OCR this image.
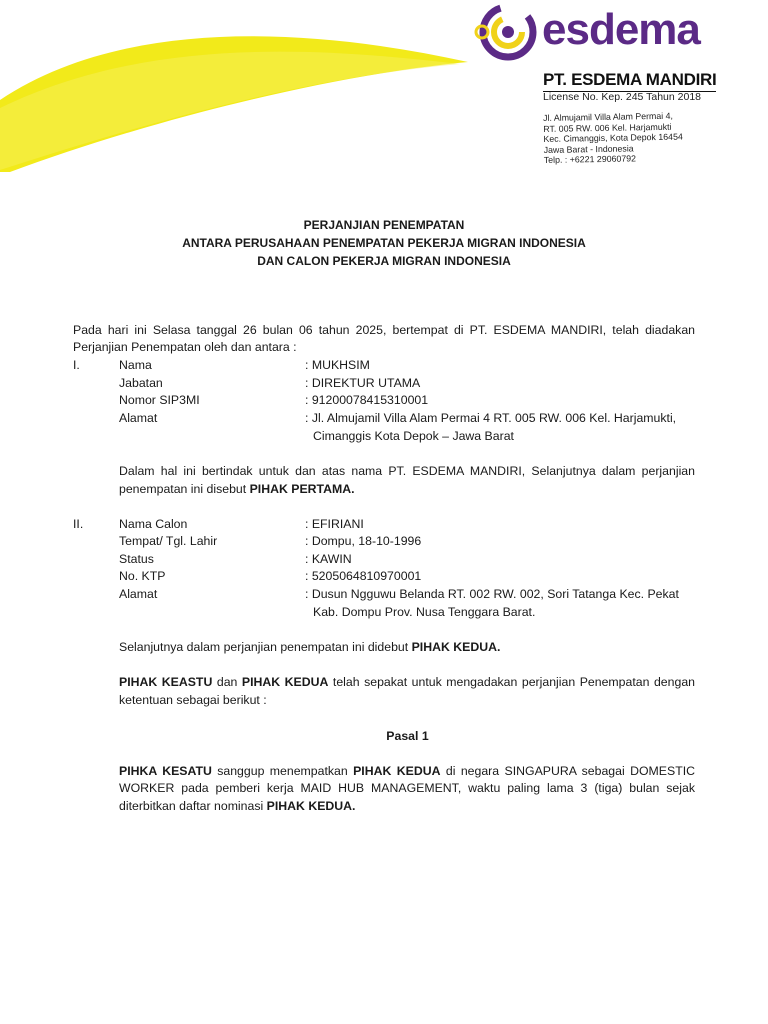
esdema
PT. ESDEMA MANDIRI
License No. Kep. 245 Tahun 2018
Jl. Almujamil Villa Alam Permai 4,
RT. 005 RW. 006 Kel. Harjamukti
Kec. Cimanggis, Kota Depok 16454
Jawa Barat - Indonesia
Telp. : +6221 29060792
PERJANJIAN PENEMPATAN
ANTARA PERUSAHAAN PENEMPATAN PEKERJA MIGRAN INDONESIA
DAN CALON PEKERJA MIGRAN INDONESIA
Pada hari ini Selasa tanggal 26 bulan 06 tahun 2025, bertempat di PT. ESDEMA MANDIRI, telah diadakan
Perjanjian Penempatan oleh dan antara :
I.	Nama	: MUKHSIM
Jabatan	: DIREKTUR UTAMA
Nomor SIP3MI	: 91200078415310001
Alamat	: Jl. Almujamil Villa Alam Permai 4 RT. 005 RW. 006 Kel. Harjamukti,
Cimanggis Kota Depok – Jawa Barat
Dalam hal ini bertindak untuk dan atas nama PT. ESDEMA MANDIRI, Selanjutnya dalam perjanjian
penempatan ini disebut PIHAK PERTAMA.
II.	Nama Calon	: EFIRIANI
Tempat/ Tgl. Lahir	: Dompu, 18-10-1996
Status	: KAWIN
No. KTP	: 5205064810970001
Alamat	: Dusun Ngguwu Belanda RT. 002 RW. 002, Sori Tatanga Kec. Pekat
Kab. Dompu Prov. Nusa Tenggara Barat.
Selanjutnya dalam perjanjian penempatan ini didebut PIHAK KEDUA.
PIHAK KEASTU dan PIHAK KEDUA telah sepakat untuk mengadakan perjanjian Penempatan dengan
ketentuan sebagai berikut :
Pasal 1
PIHKA KESATU sanggup menempatkan PIHAK KEDUA di negara SINGAPURA sebagai DOMESTIC
WORKER pada pemberi kerja MAID HUB MANAGEMENT, waktu paling lama 3 (tiga) bulan sejak
diterbitkan daftar nominasi PIHAK KEDUA.
